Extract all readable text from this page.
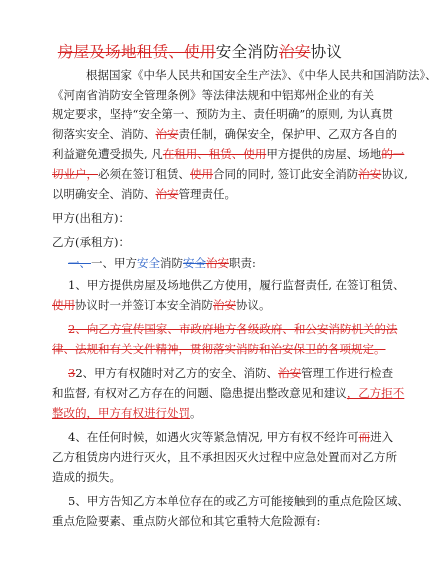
房屋及场地租赁、使用安全消防治安协议
根据国家《中华人民共和国安全生产法》、《中华人民共和国消防法》、
《河南省消防安全管理条例》等法律法规和中铝郑州企业的有关
规定要求，坚持“安全第一、预防为主、责任明确”的原则, 为认真贯
彻落实安全、消防、治安责任制，确保安全，保护甲、乙双方各自的
利益避免遭受损失, 凡在租用、租赁、使用甲方提供的房屋、场地的一
切业户，必须在签订租赁、使用合同的同时, 签订此安全消防治安协议,
以明确安全、消防、治安管理责任。
甲方(出租方)：
乙方(承租方)：
一、一、甲方安全消防安全治安职责:
1、甲方提供房屋及场地供乙方使用，履行监督责任, 在签订租赁、
使用协议时一并签订本安全消防治安协议。
2、向乙方宣传国家、市政府地方各级政府、和公安消防机关的法
律、法规和有关文件精神，贯彻落实消防和治安保卫的各项规定。
32、甲方有权随时对乙方的安全、消防、治安管理工作进行检查
和监督, 有权对乙方存在的问题、隐患提出整改意见和建议，乙方拒不
整改的，甲方有权进行处罚。
4、在任何时候，如遇火灾等紧急情况, 甲方有权不经许可而进入
乙方租赁房内进行灭火，且不承担因灭火过程中应急处置而对乙方所
造成的损失。
5、甲方告知乙方本单位存在的或乙方可能接触到的重点危险区域、
重点危险要素、重点防火部位和其它重特大危险源有:
